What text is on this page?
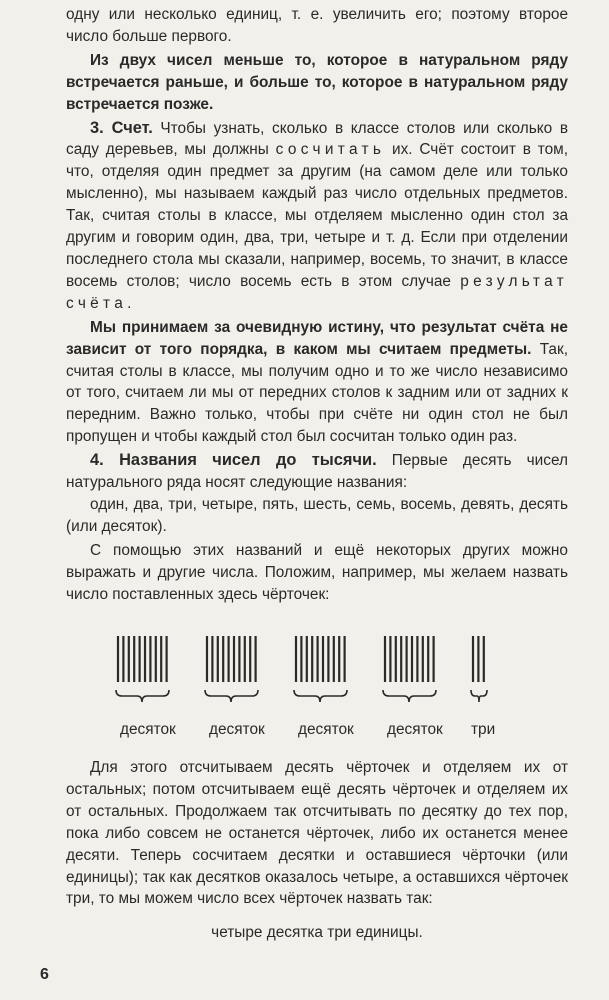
одну или несколько единиц, т. е. увеличить его; поэтому второе число больше первого.

Из двух чисел меньше то, которое в натуральном ряду встречается раньше, и больше то, которое в натуральном ряду встречается позже.

3. Счет. Чтобы узнать, сколько в классе столов или сколько в саду деревьев, мы должны сосчитать их. Счёт состоит в том, что, отделяя один предмет за другим (на самом деле или только мысленно), мы называем каждый раз число отдельных предметов. Так, считая столы в классе, мы отделяем мысленно один стол за другим и говорим один, два, три, четыре и т. д. Если при отделении последнего стола мы сказали, например, восемь, то значит, в классе восемь столов; число восемь есть в этом случае результат счёта.

Мы принимаем за очевидную истину, что результат счёта не зависит от того порядка, в каком мы считаем предметы. Так, считая столы в классе, мы получим одно и то же число независимо от того, считаем ли мы от передних столов к задним или от задних к передним. Важно только, чтобы при счёте ни один стол не был пропущен и чтобы каждый стол был сосчитан только один раз.

4. Названия чисел до тысячи. Первые десять чисел натурального ряда носят следующие названия:

один, два, три, четыре, пять, шесть, семь, восемь, девять, десять (или десяток).

С помощью этих названий и ещё некоторых других можно выражать и другие числа. Положим, например, мы желаем назвать число поставленных здесь чёрточек:

десяток десяток десяток десяток три

Для этого отсчитываем десять чёрточек и отделяем их от остальных; потом отсчитываем ещё десять чёрточек и отделяем их от остальных. Продолжаем так отсчитывать по десятку до тех пор, пока либо совсем не останется чёрточек, либо их останется менее десяти. Теперь сосчитаем десятки и оставшиеся чёрточки (или единицы); так как десятков оказалось четыре, а оставшихся чёрточек три, то мы можем число всех чёрточек назвать так:

четыре десятка три единицы.

6
